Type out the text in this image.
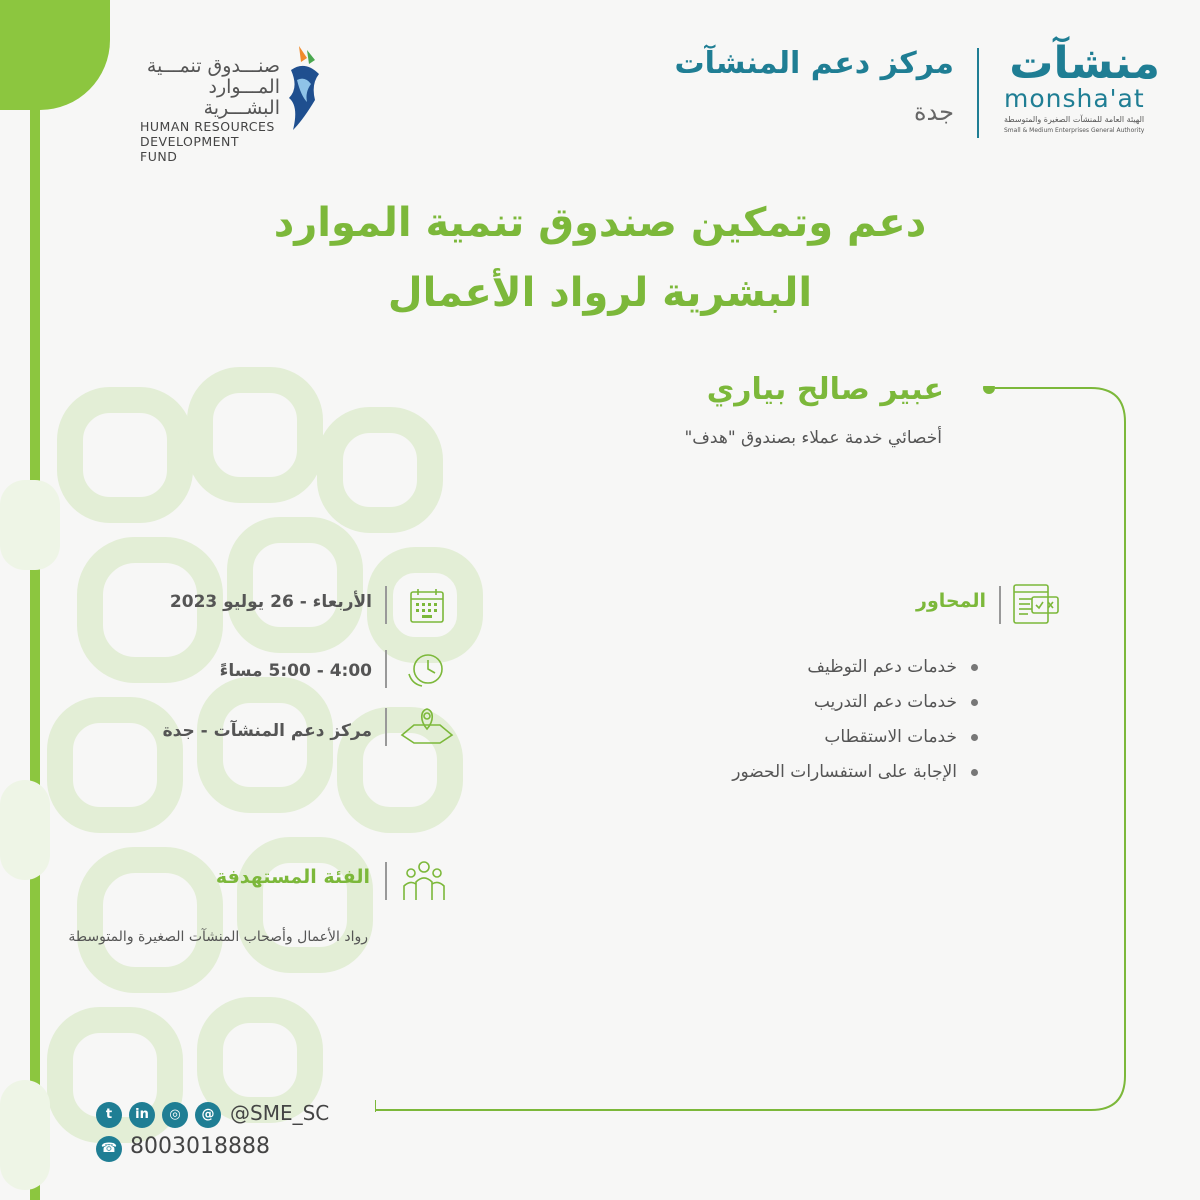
صنـــدوق تنمـــية
المـــوارد البشـــرية
HUMAN RESOURCES
DEVELOPMENT FUND
مركز دعم المنشآت
جدة
منشآت
monsha'at
الهيئة العامة للمنشآت الصغيرة والمتوسطة
Small & Medium Enterprises General Authority
دعم وتمكين صندوق تنمية الموارد
البشرية لرواد الأعمال
عبير صالح بياري
أخصائي خدمة عملاء بصندوق "هدف"
المحاور
خدمات دعم التوظيف
خدمات دعم التدريب
خدمات الاستقطاب
الإجابة على استفسارات الحضور
الأربعاء - 26 يوليو 2023
4:00 - 5:00 مساءً
مركز دعم المنشآت - جدة
الفئة المستهدفة
رواد الأعمال وأصحاب المنشآت الصغيرة والمتوسطة
t	in	◎	@ @SME_SC
☎ 8003018888
